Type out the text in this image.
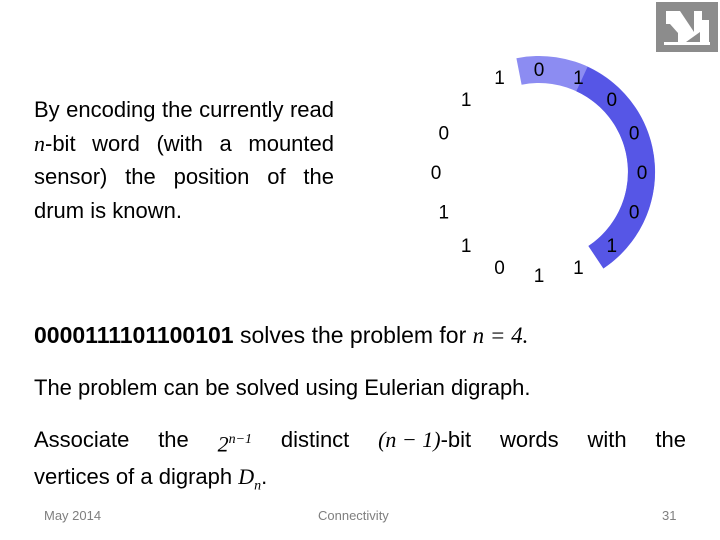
By encoding the currently read n-bit word (with a mounted sensor) the position of the drum is known.
0 1
0
0
0
0
1
1
1
0
1
1
0
0
1
1
0000111101100101 solves the problem for n = 4.
The problem can be solved using Eulerian digraph.
Associate the $2^{n-1}$ distinct (n − 1)-bit words with the
vertices of a digraph $D_n$.
May 2014	Connectivity	31
